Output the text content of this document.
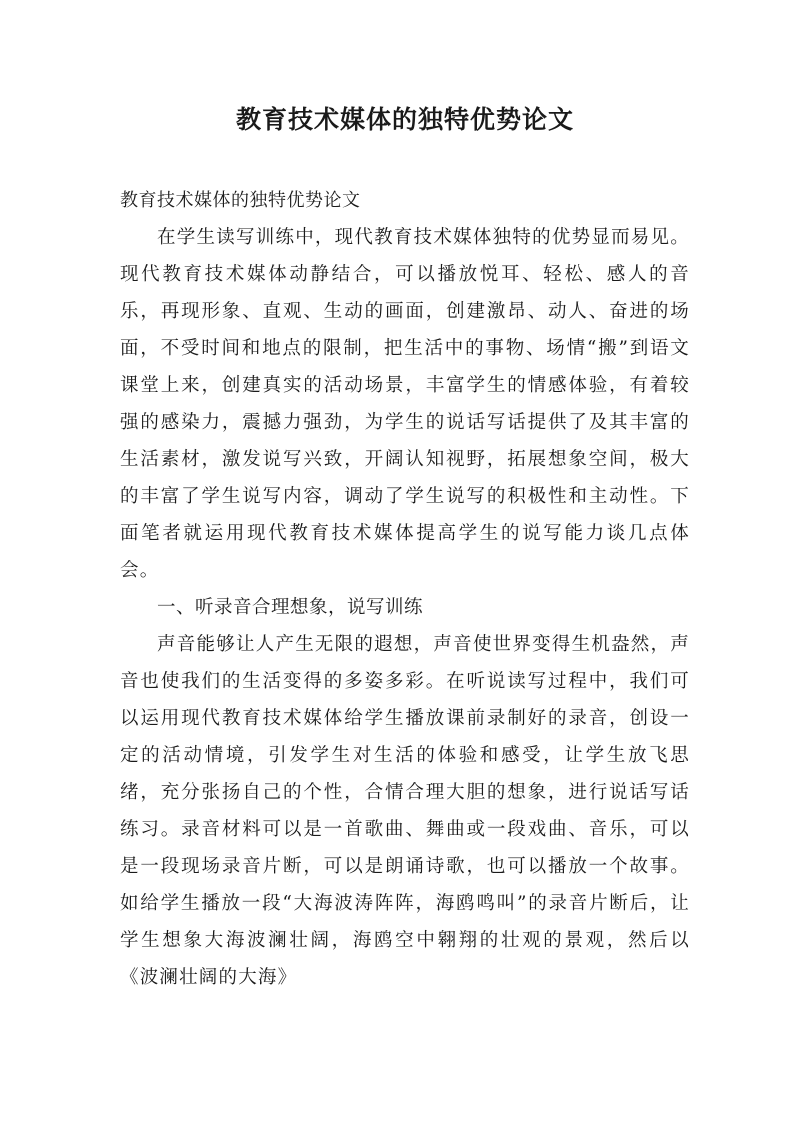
教育技术媒体的独特优势论文
教育技术媒体的独特优势论文

在学生读写训练中，现代教育技术媒体独特的优势显而易见。现代教育技术媒体动静结合，可以播放悦耳、轻松、感人的音乐，再现形象、直观、生动的画面，创建激昂、动人、奋进的场面，不受时间和地点的限制，把生活中的事物、场情“搬”到语文课堂上来，创建真实的活动场景，丰富学生的情感体验，有着较强的感染力，震撼力强劲，为学生的说话写话提供了及其丰富的生活素材，激发说写兴致，开阔认知视野，拓展想象空间，极大的丰富了学生说写内容，调动了学生说写的积极性和主动性。下面笔者就运用现代教育技术媒体提高学生的说写能力谈几点体会。

一、听录音合理想象，说写训练

声音能够让人产生无限的遐想，声音使世界变得生机盎然，声音也使我们的生活变得的多姿多彩。在听说读写过程中，我们可以运用现代教育技术媒体给学生播放课前录制好的录音，创设一定的活动情境，引发学生对生活的体验和感受，让学生放飞思绪，充分张扬自己的个性，合情合理大胆的想象，进行说话写话练习。录音材料可以是一首歌曲、舞曲或一段戏曲、音乐，可以是一段现场录音片断，可以是朗诵诗歌，也可以播放一个故事。如给学生播放一段“大海波涛阵阵，海鸥鸣叫”的录音片断后，让学生想象大海波澜壮阔，海鸥空中翱翔的壮观的景观，然后以《波澜壮阔的大海》
